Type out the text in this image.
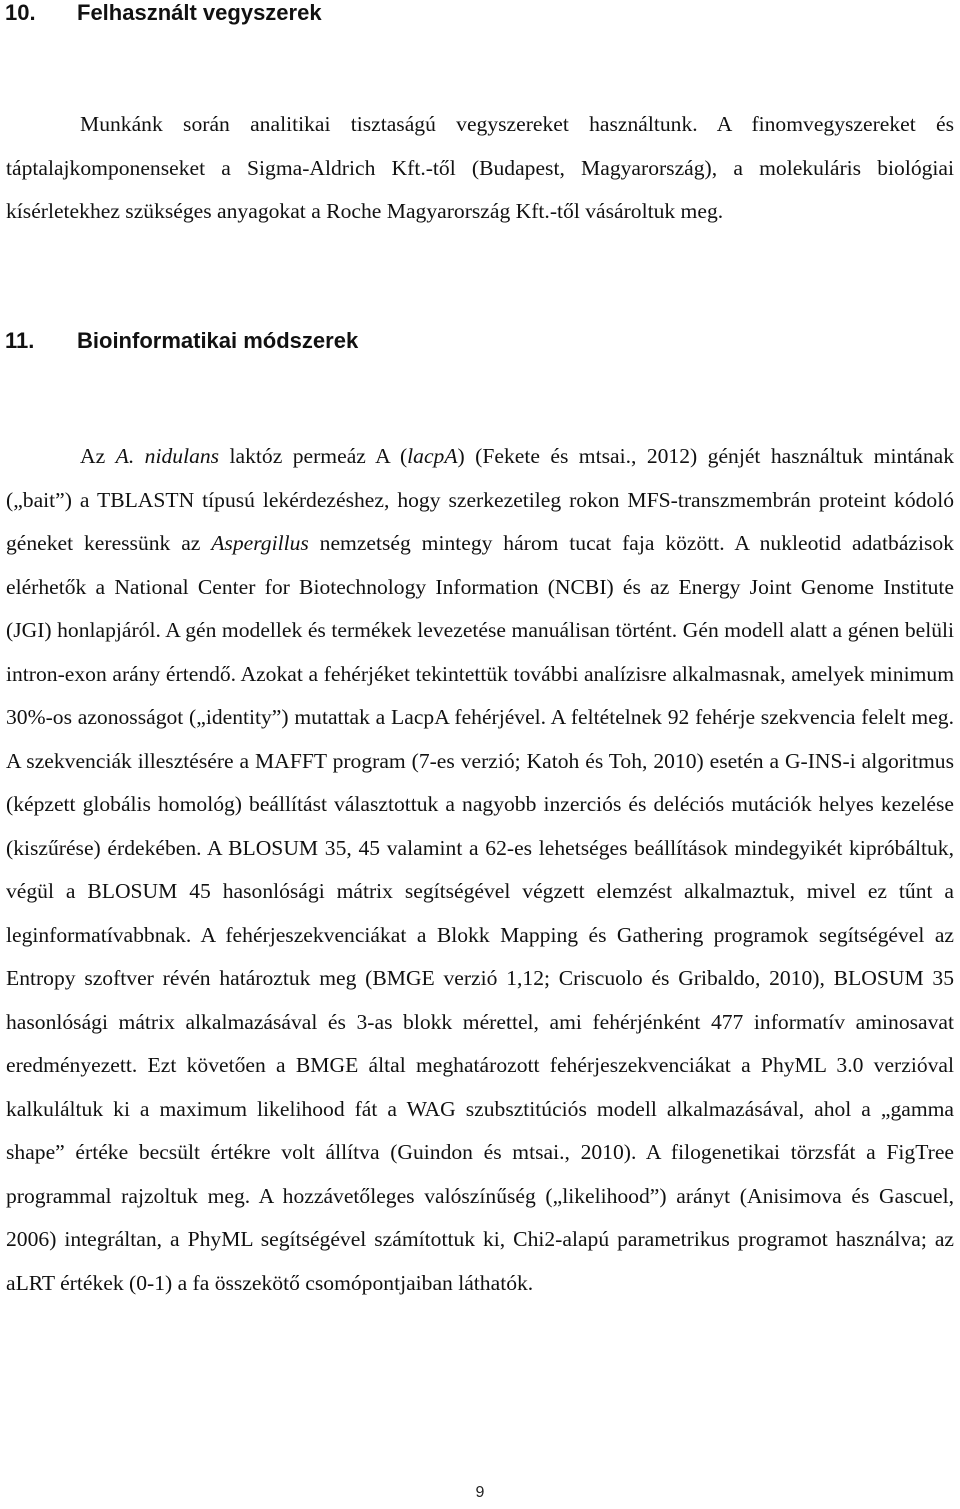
10. Felhasznált vegyszerek

Munkánk során analitikai tisztaságú vegyszereket használtunk. A finomvegyszereket és táptalajkomponenseket a Sigma-Aldrich Kft.-től (Budapest, Magyarország), a molekuláris biológiai kísérletekhez szükséges anyagokat a Roche Magyarország Kft.-től vásároltuk meg.

11. Bioinformatikai módszerek

Az A. nidulans laktóz permeáz A (lacpA) (Fekete és mtsai., 2012) génjét használtuk mintának („bait”) a TBLASTN típusú lekérdezéshez, hogy szerkezetileg rokon MFS-transzmembrán proteint kódoló géneket keressünk az Aspergillus nemzetség mintegy három tucat faja között. A nukleotid adatbázisok elérhetők a National Center for Biotechnology Information (NCBI) és az Energy Joint Genome Institute (JGI) honlapjáról. A gén modellek és termékek levezetése manuálisan történt. Gén modell alatt a génen belüli intron-exon arány értendő. Azokat a fehérjéket tekintettük további analízisre alkalmasnak, amelyek minimum 30%-os azonosságot („identity”) mutattak a LacpA fehérjével. A feltételnek 92 fehérje szekvencia felelt meg. A szekvenciák illesztésére a MAFFT program (7-es verzió; Katoh és Toh, 2010) esetén a G-INS-i algoritmus (képzett globális homológ) beállítást választottuk a nagyobb inzerciós és deléciós mutációk helyes kezelése (kiszűrése) érdekében. A BLOSUM 35, 45 valamint a 62-es lehetséges beállítások mindegyikét kipróbáltuk, végül a BLOSUM 45 hasonlósági mátrix segítségével végzett elemzést alkalmaztuk, mivel ez tűnt a leginformatívabbnak. A fehérjeszekvenciákat a Blokk Mapping és Gathering programok segítségével az Entropy szoftver révén határoztuk meg (BMGE verzió 1,12; Criscuolo és Gribaldo, 2010), BLOSUM 35 hasonlósági mátrix alkalmazásával és 3-as blokk mérettel, ami fehérjénként 477 informatív aminosavat eredményezett. Ezt követően a BMGE által meghatározott fehérjeszekvenciákat a PhyML 3.0 verzióval kalkuláltuk ki a maximum likelihood fát a WAG szubsztitúciós modell alkalmazásával, ahol a „gamma shape” értéke becsült értékre volt állítva (Guindon és mtsai., 2010). A filogenetikai törzsfát a FigTree programmal rajzoltuk meg. A hozzávetőleges valószínűség („likelihood”) arányt (Anisimova és Gascuel, 2006) integráltan, a PhyML segítségével számítottuk ki, Chi2-alapú parametrikus programot használva; az aLRT értékek (0-1) a fa összekötő csomópontjaiban láthatók.

9
